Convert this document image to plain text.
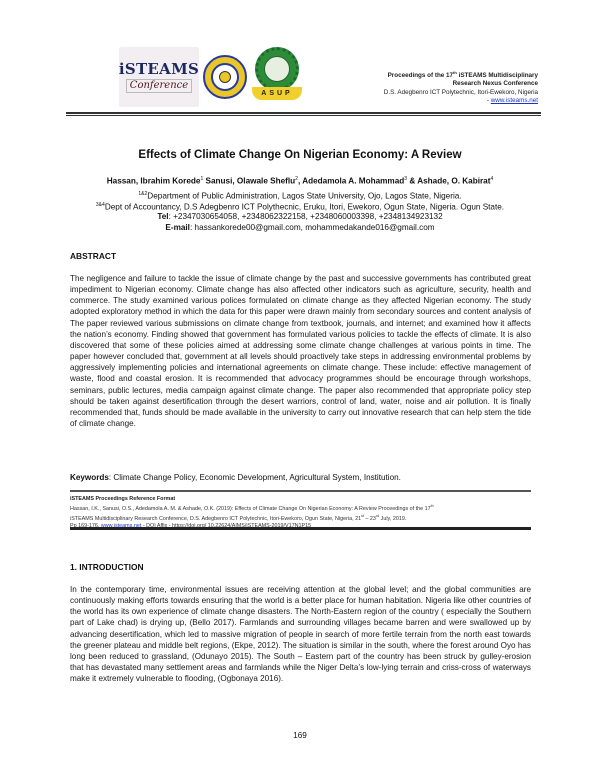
iSTEAMS
Conference
ASUP
Proceedings of the 17th iSTEAMS Multidisciplinary
Research Nexus Conference
D.S. Adegbenro ICT Polytechnic, Itori-Ewekoro, Nigeria
- www.isteams.net
Effects of Climate Change On Nigerian Economy: A Review
Hassan, Ibrahim Korede$^1$ Sanusi, Olawale Sheflu$^2$, Adedamola A. Mohammad$^3$ & Ashade, O. Kabirat$^4$
$^{1\&2}$Department of Public Administration, Lagos State University, Ojo, Lagos State, Nigeria.
$^{3\&4}$Dept of Accountancy, D.S Adegbenro ICT Polythecnic, Eruku, Itori, Ewekoro, Ogun State, Nigeria. Ogun State.
Tel: +2347030654058, +2348062322158, +2348060003398, +2348134923132
E-mail: hassankorede00@gmail.com, mohammedakande016@gmail.com
ABSTRACT
The negligence and failure to tackle the issue of climate change by the past and successive governments has contributed great impediment to Nigerian economy. Climate change has also affected other indicators such as agriculture, security, health and commerce. The study examined various polices formulated on climate change as they affected Nigerian economy. The study adopted exploratory method in which the data for this paper were drawn mainly from secondary sources and content analysis of The paper reviewed various submissions on climate change from textbook, journals, and internet; and examined how it affects the nation’s economy. Finding showed that government has formulated various policies to tackle the effects of climate. It is also discovered that some of these policies aimed at addressing some climate change challenges at various points in time. The paper however concluded that, government at all levels should proactively take steps in addressing environmental problems by aggressively implementing policies and international agreements on climate change. These include: effective management of waste, flood and coastal erosion. It is recommended that advocacy programmes should be encourage through workshops, seminars, public lectures, media campaign against climate change. The paper also recommended that appropriate policy step should be taken against desertification through the desert warriors, control of land, water, noise and air pollution. It is finally recommended that, funds should be made available in the university to carry out innovative research that can help stem the tide of climate change.
Keywords: Climate Change Policy, Economic Development, Agricultural System, Institution.
iSTEAMS Proceedings Reference Format
Hassan, I.K., Sanusi, O.S., Adedamola A. M. & Ashade, O.K. (2019): Effects of Climate Change On Nigerian Economy: A Review Proceedings of the 17th
iSTEAMS Multidisciplinary Research Conference, D.S. Adegbenro ICT Polytechnic, Itori-Ewekoro, Ogun State, Nigeria, 21st – 23rd July, 2019.
1. INTRODUCTION
In the contemporary time, environmental issues are receiving attention at the global level; and the global communities are continuously making efforts towards ensuring that the world is a better place for human habitation. Nigeria like other countries of the world has its own experience of climate change disasters. The North-Eastern region of the country ( especially the Southern part of Lake chad) is drying up, (Bello 2017). Farmlands and surrounding villages became barren and were swallowed up by advancing desertification, which led to massive migration of people in search of more fertile terrain from the north east towards the greener plateau and middle belt regions, (Ekpe, 2012). The situation is similar in the south, where the forest around Oyo has long been reduced to grassland, (Odunayo 2015). The South – Eastern part of the country has been struck by gulley-erosion that has devastated many settlement areas and farmlands while the Niger Delta’s low-lying terrain and criss-cross of waterways make it extremely vulnerable to flooding, (Ogbonaya 2016).
169
